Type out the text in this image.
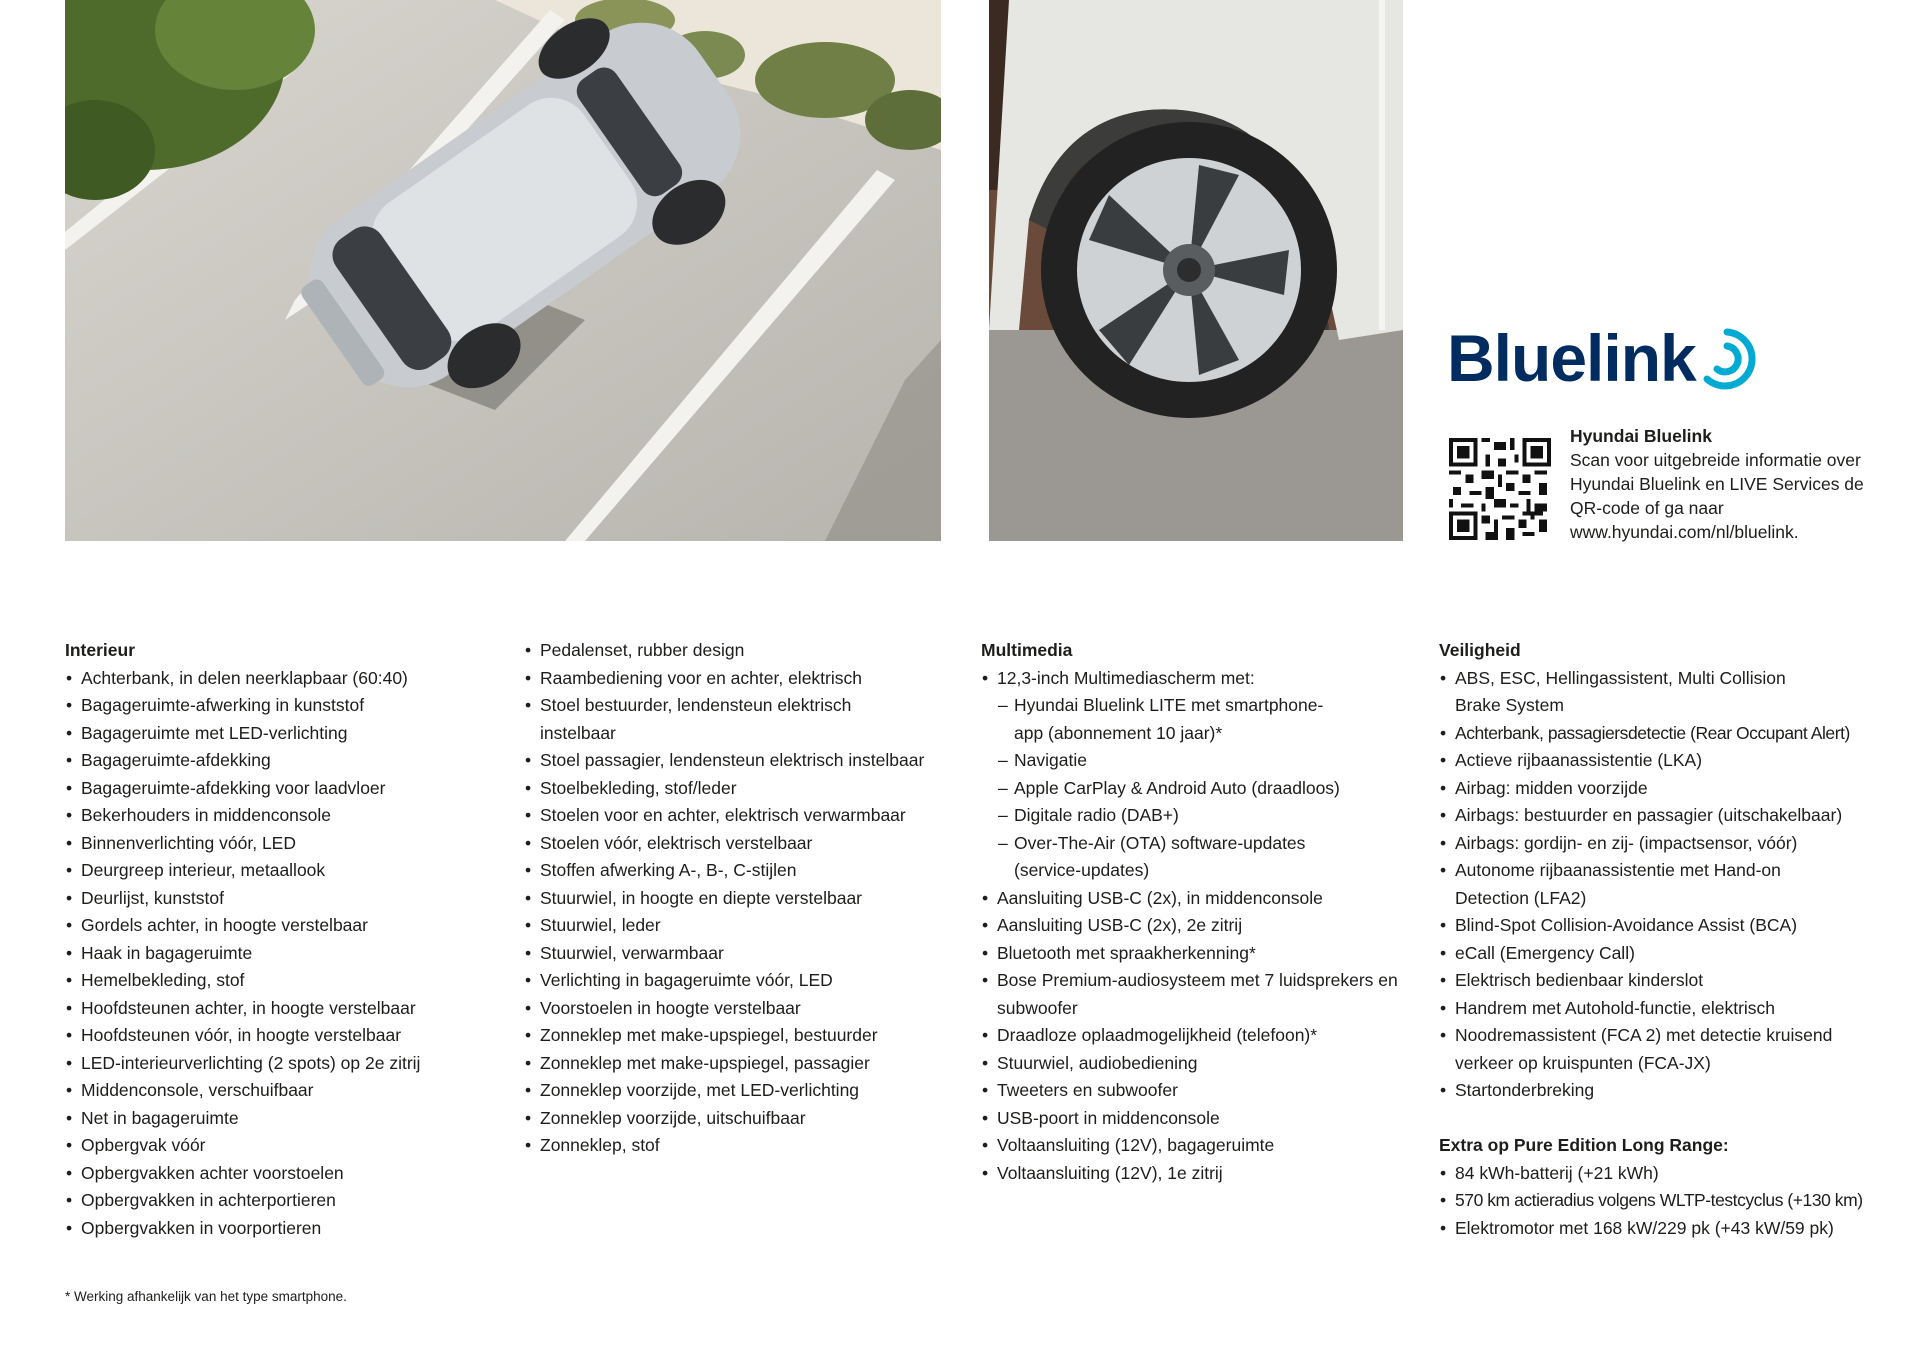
Bluelink
Hyundai Bluelink
Scan voor uitgebreide informatie over Hyundai Bluelink en LIVE Services de QR-code of ga naar www.hyundai.com/nl/bluelink.
Interieur
• Achterbank, in delen neerklapbaar (60:40)
• Bagageruimte-afwerking in kunststof
• Bagageruimte met LED-verlichting
• Bagageruimte-afdekking
• Bagageruimte-afdekking voor laadvloer
• Bekerhouders in middenconsole
• Binnenverlichting vóór, LED
• Deurgreep interieur, metaallook
• Deurlijst, kunststof
• Gordels achter, in hoogte verstelbaar
• Haak in bagageruimte
• Hemelbekleding, stof
• Hoofdsteunen achter, in hoogte verstelbaar
• Hoofdsteunen vóór, in hoogte verstelbaar
• LED-interieurverlichting (2 spots) op 2e zitrij
• Middenconsole, verschuifbaar
• Net in bagageruimte
• Opbergvak vóór
• Opbergvakken achter voorstoelen
• Opbergvakken in achterportieren
• Opbergvakken in voorportieren
• Pedalenset, rubber design
• Raambediening voor en achter, elektrisch
• Stoel bestuurder, lendensteun elektrisch instelbaar
• Stoel passagier, lendensteun elektrisch instelbaar
• Stoelbekleding, stof/leder
• Stoelen voor en achter, elektrisch verwarmbaar
• Stoelen vóór, elektrisch verstelbaar
• Stoffen afwerking A-, B-, C-stijlen
• Stuurwiel, in hoogte en diepte verstelbaar
• Stuurwiel, leder
• Stuurwiel, verwarmbaar
• Verlichting in bagageruimte vóór, LED
• Voorstoelen in hoogte verstelbaar
• Zonneklep met make-upspiegel, bestuurder
• Zonneklep met make-upspiegel, passagier
• Zonneklep voorzijde, met LED-verlichting
• Zonneklep voorzijde, uitschuifbaar
• Zonneklep, stof
Multimedia
• 12,3-inch Multimediascherm met:
– Hyundai Bluelink LITE met smartphone-app (abonnement 10 jaar)*
– Navigatie
– Apple CarPlay & Android Auto (draadloos)
– Digitale radio (DAB+)
– Over-The-Air (OTA) software-updates (service-updates)
• Aansluiting USB-C (2x), in middenconsole
• Aansluiting USB-C (2x), 2e zitrij
• Bluetooth met spraakherkenning*
• Bose Premium-audiosysteem met 7 luidsprekers en subwoofer
• Draadloze oplaadmogelijkheid (telefoon)*
• Stuurwiel, audiobediening
• Tweeters en subwoofer
• USB-poort in middenconsole
• Voltaansluiting (12V), bagageruimte
• Voltaansluiting (12V), 1e zitrij
Veiligheid
• ABS, ESC, Hellingassistent, Multi Collision Brake System
• Achterbank, passagiersdetectie (Rear Occupant Alert)
• Actieve rijbaanassistentie (LKA)
• Airbag: midden voorzijde
• Airbags: bestuurder en passagier (uitschakelbaar)
• Airbags: gordijn- en zij- (impactsensor, vóór)
• Autonome rijbaanassistentie met Hand-on Detection (LFA2)
• Blind-Spot Collision-Avoidance Assist (BCA)
• eCall (Emergency Call)
• Elektrisch bedienbaar kinderslot
• Handrem met Autohold-functie, elektrisch
• Noodremassistent (FCA 2) met detectie kruisend verkeer op kruispunten (FCA-JX)
• Startonderbreking
Extra op Pure Edition Long Range:
• 84 kWh-batterij (+21 kWh)
• 570 km actieradius volgens WLTP-testcyclus (+130 km)
• Elektromotor met 168 kW/229 pk (+43 kW/59 pk)
* Werking afhankelijk van het type smartphone.
